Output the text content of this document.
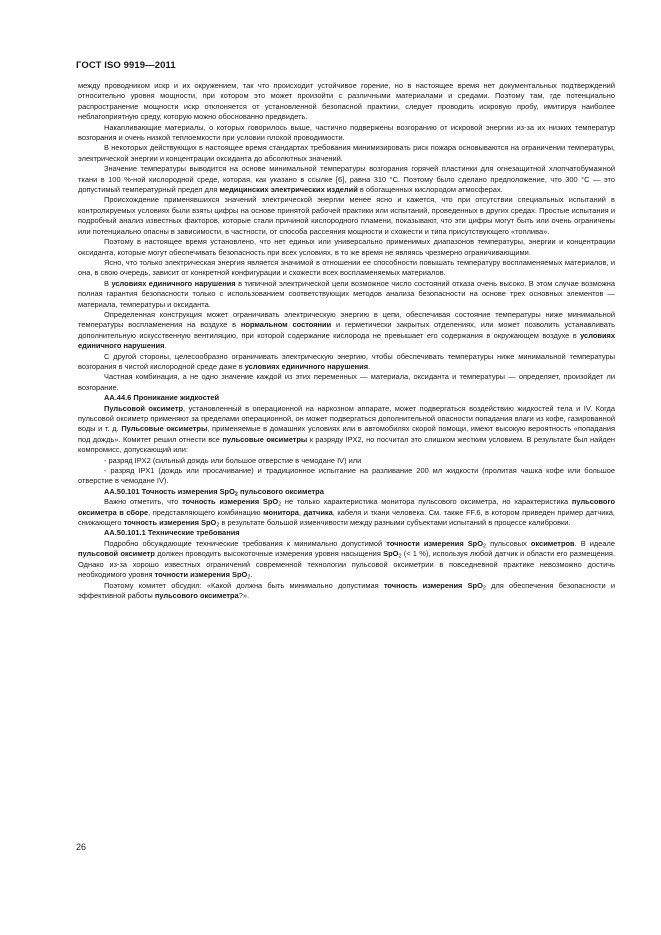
ГОСТ ISO 9919—2011

между проводником искр и их окружением, так что происходит устойчивое горение, но в настоящее время нет документальных подтверждений относительно уровня мощности, при котором это может произойти с различными материалами и средами. Поэтому там, где потенциально распространение мощности искр отклоняется от установленной безопасной практики, следует проводить искровую пробу, имитируя наиболее неблагоприятную среду, которую можно обоснованно предвидеть.

Накапливающие материалы, о которых говорилось выше, частично подвержены возгоранию от искровой энергии из-за их низких температур возгорания и очень низкой теплоемкости при условии плохой проводимости.

В некоторых действующих в настоящее время стандартах требования минимизировать риск пожара основываются на ограничении температуры, электрической энергии и концентрации оксиданта до абсолютных значений.

Значение температуры выводится на основе минимальной температуры возгорания горячей пластинки для огнезащитной хлопчатобумажной ткани в 100 %-ной кислородной среде, которая, как указано в ссылке [6], равна 310 °С. Поэтому было сделано предположение, что 300 °С — это допустимый температурный предел для медицинских электрических изделий в обогащенных кислородом атмосферах.

Происхождение применявшихся значений электрической энергии менее ясно и кажется, что при отсутствии специальных испытаний в контролируемых условиях были взяты цифры на основе принятой рабочей практики или испытаний, проведенных в других средах. Простые испытания и подробный анализ известных факторов, которые стали причиной кислородного пламени, показывают, что эти цифры могут быть или очень ограничены или потенциально опасны в зависимости, в частности, от способа рассеяния мощности и схожести и типа присутствующего «топлива».

Поэтому в настоящее время установлено, что нет единых или универсально применимых диапазонов температуры, энергии и концентрации оксиданта, которые могут обеспечивать безопасность при всех условиях, в то же время не являясь чрезмерно ограничивающими.

Ясно, что только электрическая энергия является значимой в отношении ее способности повышать температуру воспламеняемых материалов, и она, в свою очередь, зависит от конкретной конфигурации и схожести всех воспламеняемых материалов.

В условиях единичного нарушения в типичной электрической цепи возможное число состояний отказа очень высоко. В этом случае возможна полная гарантия безопасности только с использованием соответствующих методов анализа безопасности на основе трех основных элементов — материала, температуры и оксиданта.

Определенная конструкция может ограничивать электрическую энергию в цепи, обеспечивая состояние температуры ниже минимальной температуры воспламенения на воздухе в нормальном состоянии и герметически закрытых отделениях, или может позволить устанавливать дополнительную искусственную вентиляцию, при которой содержание кислорода не превышает его содержания в окружающем воздухе в условиях единичного нарушения.

С другой стороны, целесообразно ограничивать электрическую энергию, чтобы обеспечивать температуры ниже минимальной температуры возгорания в чистой кислородной среде даже в условиях единичного нарушения.

Частная комбинация, а не одно значение каждой из этих переменных — материала, оксиданта и температуры — определяет, произойдет ли возгорание.

АА.44.6 Проникание жидкостей

Пульсовой оксиметр, установленный в операционной на наркозном аппарате, может подвергаться воздействию жидкостей тела и IV. Когда пульсовой оксиметр применяют за пределами операционной, он может подвергаться дополнительной опасности попадания влаги из кофе, газированной воды и т. д. Пульсовые оксиметры, применяемые в домашних условиях или в автомобилях скорой помощи, имеют высокую вероятность «попадания под дождь». Комитет решил отнести все пульсовые оксиметры к разряду IPX2, но посчитал это слишком жестким условием. В результате был найден компромисс, допускающий или:

- разряд IPX2 (сильный дождь или большое отверстие в чемодане IV) или

- разряд IPX1 (дождь или просачивание) и традиционное испытание на разливание 200 мл жидкости (пролитая чашка кофе или большое отверстие в чемодане IV).

АА.50.101 Точность измерения SpO$_2$ пульсового оксиметра

Важно отметить, что точность измерения SpO$_2$ не только характеристика монитора пульсового оксиметра, но характеристика пульсового оксиметра в сборе, представляющего комбинацию монитора, датчика, кабеля и ткани человека. См. также FF.6, в котором приведен пример датчика, снижающего точность измерения SpO$_2$ в результате большой изменчивости между разными субъектами испытаний в процессе калибровки.

АА.50.101.1 Технические требования

Подробно обсуждающие технические требования к минимально допустимой точности измерения SpO$_2$ пульсовых оксиметров. В идеале пульсовой оксиметр должен проводить высокоточные измерения уровня насыщения SpO$_2$ (< 1 %), используя любой датчик и области его размещения. Однако из-за хорошо известных ограничений современной технологии пульсовой оксиметрии в повседневной практике невозможно достичь необходимого уровня точности измерения SpO$_2$.

Поэтому комитет обсудил: «Какой должна быть минимально допустимая точность измерения SpO$_2$ для обеспечения безопасности и эффективной работы пульсового оксиметра?».

26
